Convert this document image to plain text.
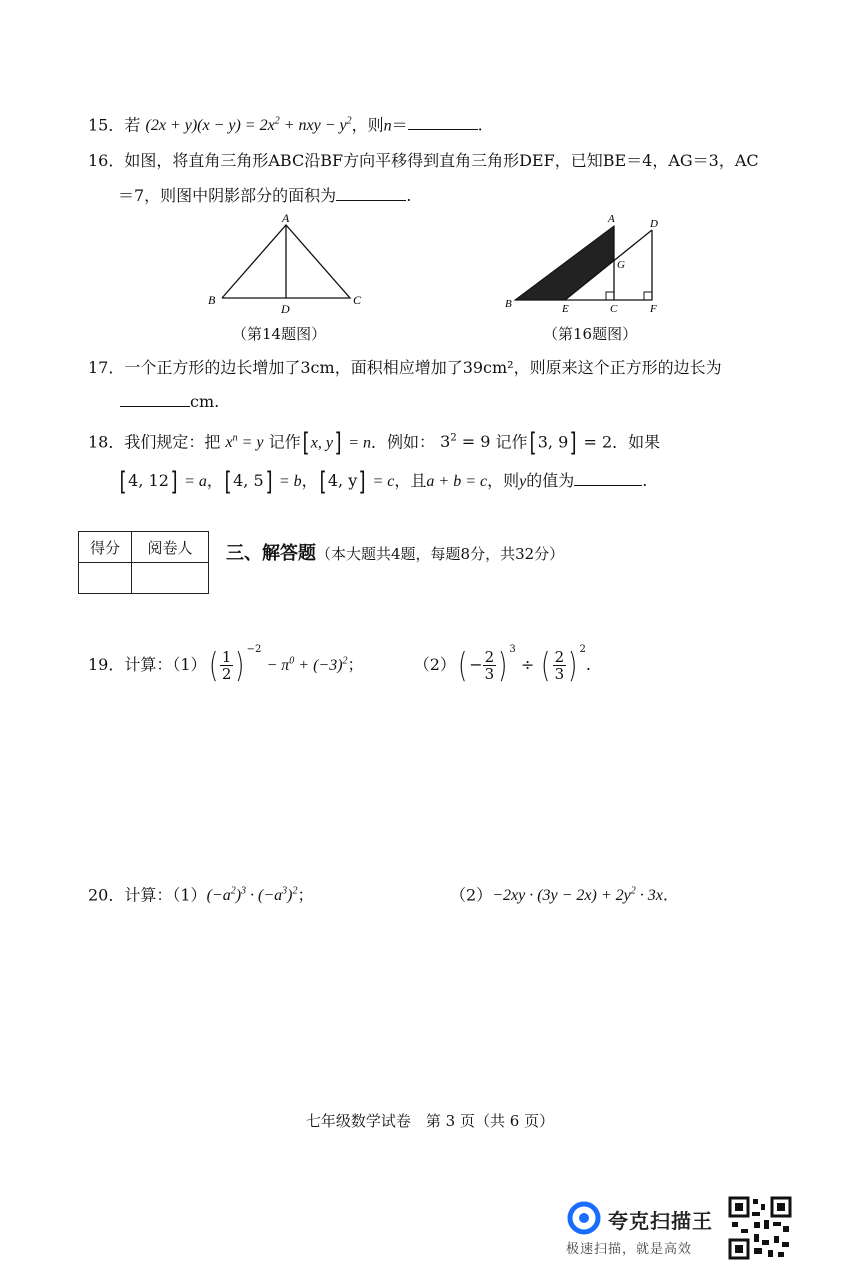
15．若 $(2x + y)(x - y) = 2x^2$ + nxy − $y^2$，则n＝	.
16．如图，将直角三角形ABC沿BF方向平移得到直角三角形DEF，已知BE＝4，AG＝3，AC
＝7，则图中阴影部分的面积为	.
A
B	C
D
（第14题图）
A	D
G
B	E	C	F
（第16题图）
17．一个正方形的边长增加了3cm，面积相应增加了39cm²，则原来这个正方形的边长为
cm.
18．我们规定：把 $x^n = y$ 记作[x, y] = n．例如： $3^2 = 9$ 记作[3, 9] = 2．如果
[4, 12] = a，[4, 5] = b，[4, y] = c，且a + b = c，则y的值为	.
得分	阅卷人
	三、解答题（本大题共4题，每题8分，共32分）
19．计算：$(1)( \frac{1}{2}$ ) $^{-2} - \pi^0 + (-3)^2$；	$(2)( - \frac{2}{3}$ ) $^3$ ÷ ( $\frac{2}{3}$ ) $^2$.
20．计算：$(1)(-a^2)^3 \cdot (-a^3)^2$；	$(2)-2xy \cdot (3y - 2x) + 2y^2 \cdot 3x$.
七年级数学试卷　第 3 页（共 6 页）
夸克扫描王
极速扫描，就是高效
